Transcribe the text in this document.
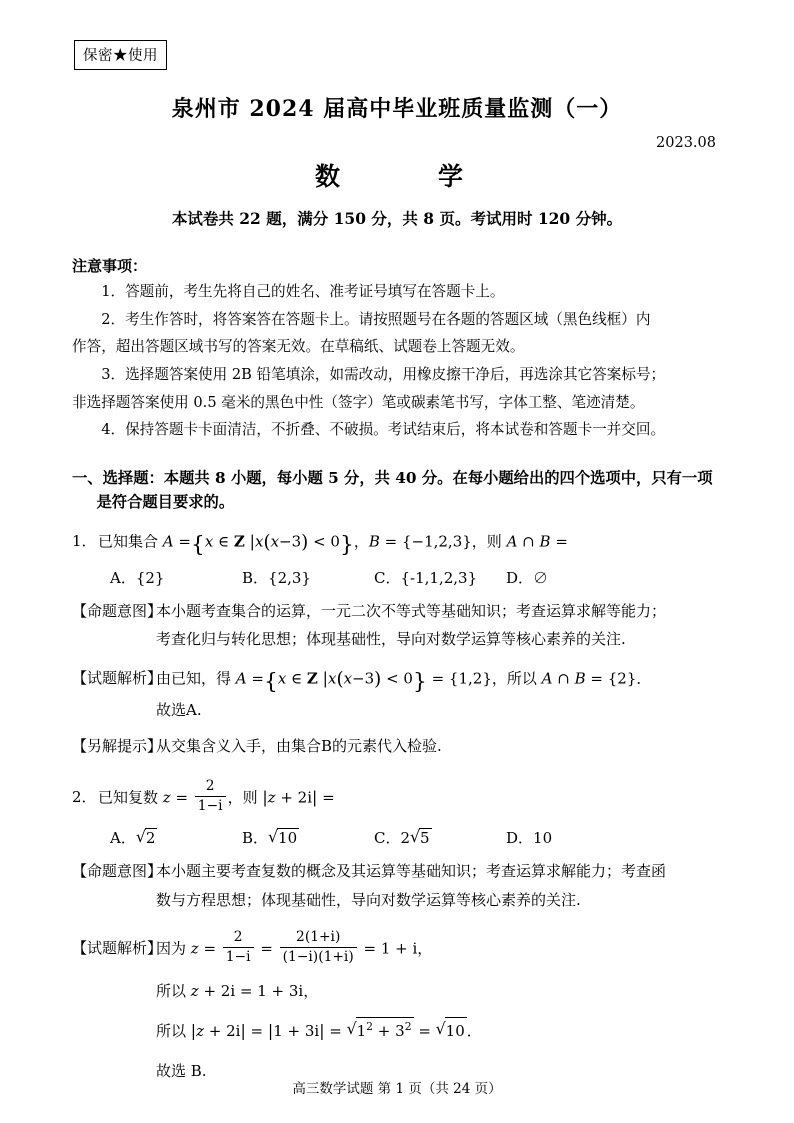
保密★使用
泉州市 2024 届高中毕业班质量监测（一）
2023.08
数　　学
本试卷共 22 题，满分 150 分，共 8 页。考试用时 120 分钟。
注意事项：
1．答题前，考生先将自己的姓名、准考证号填写在答题卡上。
2．考生作答时，将答案答在答题卡上。请按照题号在各题的答题区域（黑色线框）内
作答，超出答题区域书写的答案无效。在草稿纸、试题卷上答题无效。
3．选择题答案使用 2B 铅笔填涂，如需改动，用橡皮擦干净后，再选涂其它答案标号；
非选择题答案使用 0.5 毫米的黑色中性（签字）笔或碳素笔书写，字体工整、笔迹清楚。
4．保持答题卡卡面清洁，不折叠、不破损。考试结束后，将本试卷和答题卡一并交回。
一、选择题：本题共 8 小题，每小题 5 分，共 40 分。在每小题给出的四个选项中，只有一项
是符合题目要求的。
1． 已知集合 A ={x ∈ Z |x(x−3) < 0}，B = {−1,2,3}，则 A ∩ B =
A．{2}	B．{2,3}	C．{-1,1,2,3}	D．∅
【命题意图】
本小题考查集合的运算，一元二次不等式等基础知识；考查运算求解等能力；
考查化归与转化思想；体现基础性，导向对数学运算等核心素养的关注.
【试题解析】
由已知，得 A ={x ∈ Z |x(x−3) < 0} = {1,2}，所以 A ∩ B = {2}．
故选A.
【另解提示】
从交集含义入手，由集合B的元素代入检验.
2． 已知复数 $z = \frac{2}{1-i}$ ，则 |z + 2i| =
A． √ 2	B． √ 10	C．2 √ 5	D．10
【命题意图】
本小题主要考查复数的概念及其运算等基础知识；考查运算求解能力；考查函
数与方程思想；体现基础性，导向对数学运算等核心素养的关注.
【试题解析】
因为 $z = \frac{2}{1-i} = \frac{2(1+i)}{(1-i)(1+i)} = 1 + i$，
所以 z + 2i = 1 + 3i，
所以 |z + 2i| = |1 + 3i| = √ $1^2 + 3^2$ = √ 10 ．
故选 B.
高三数学试题 第 1 页（共 24 页）
